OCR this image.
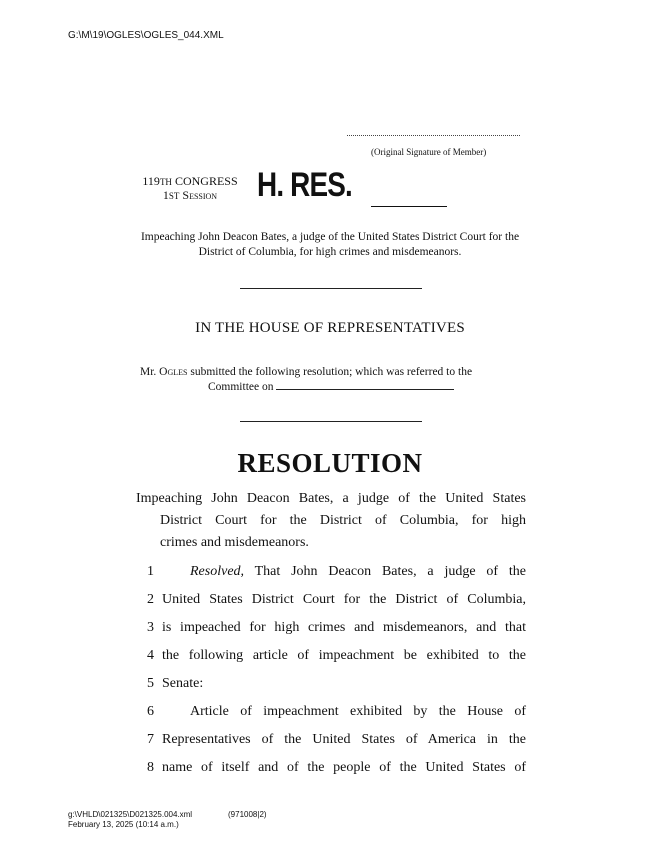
G:\M\19\OGLES\OGLES_044.XML
(Original Signature of Member)
119TH CONGRESS
1ST Session	H. RES.
Impeaching John Deacon Bates, a judge of the United States District Court for the District of Columbia, for high crimes and misdemeanors.
IN THE HOUSE OF REPRESENTATIVES
Mr. Ogles submitted the following resolution; which was referred to the
Committee on
RESOLUTION
Impeaching John Deacon Bates, a judge of the United States
District Court for the District of Columbia, for high
crimes and misdemeanors.
1	Resolved, That John Deacon Bates, a judge of the
2 United States District Court for the District of Columbia,
3 is impeached for high crimes and misdemeanors, and that
4 the following article of impeachment be exhibited to the
5 Senate:
6	Article of impeachment exhibited by the House of
7 Representatives of the United States of America in the
8 name of itself and of the people of the United States of
g:\VHLD\021325\D021325.004.xml	(971008|2)
February 13, 2025 (10:14 a.m.)
